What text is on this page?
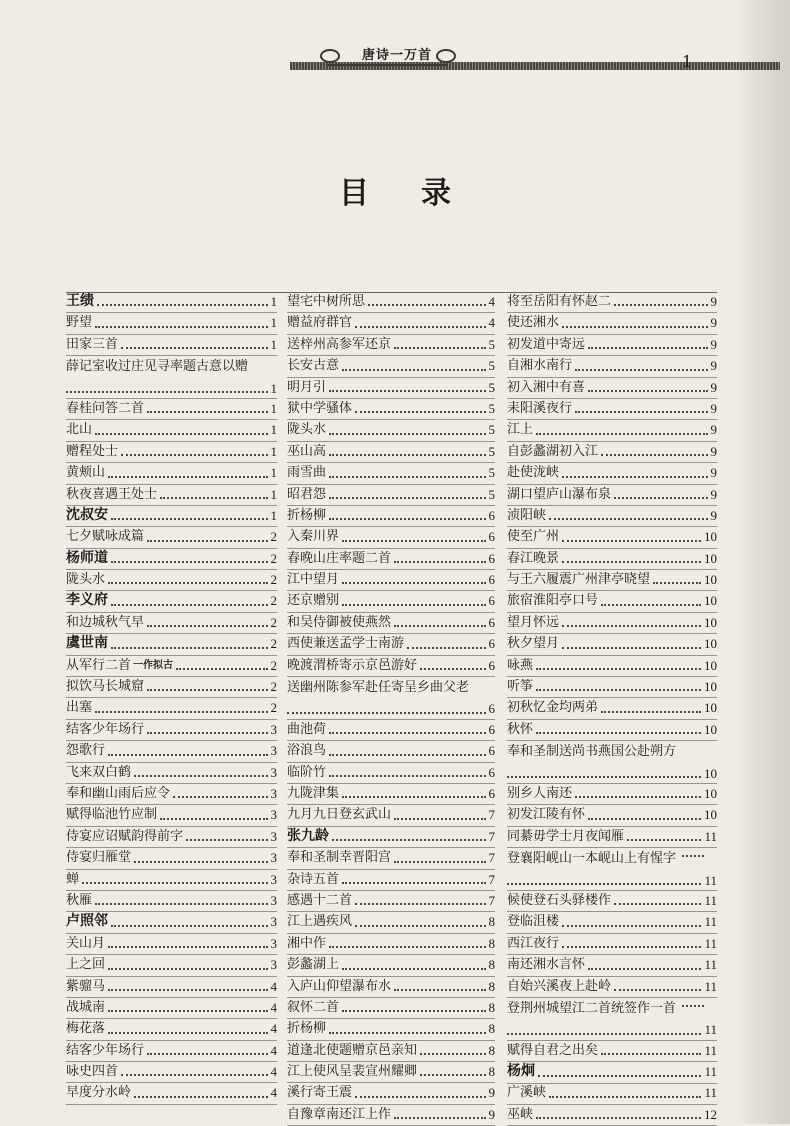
唐诗一万首	1
目录
王绩	1
野望	1
田家三首	1
薛记室收过庄见寻率题古意以赠
1
春桂问答二首	1
北山	1
赠程处士	1
黄颊山	1
秋夜喜遇王处士	1
沈叔安	1
七夕赋咏成篇	2
杨师道	2
陇头水	2
李义府	2
和边城秋气早	2
虞世南	2
从军行二首 一作拟古	2
拟饮马长城窟	2
出塞	2
结客少年场行	3
怨歌行	3
飞来双白鹤	3
奉和幽山雨后应令	3
赋得临池竹应制	3
侍宴应诏赋韵得前字	3
侍宴归雁堂	3
蝉	3
秋雁	3
卢照邻	3
关山月	3
上之回	3
紫骝马	4
战城南	4
梅花落	4
结客少年场行	4
咏史四首	4
早度分水岭	4
望宅中树所思	4
赠益府群官	4
送梓州高参军还京	5
长安古意	5
明月引	5
狱中学骚体	5
陇头水	5
巫山高	5
雨雪曲	5
昭君怨	5
折杨柳	6
入秦川界	6
春晚山庄率题二首	6
江中望月	6
还京赠别	6
和吴侍御被使燕然	6
西使兼送孟学士南游	6
晚渡渭桥寄示京邑游好	6
送幽州陈参军赴任寄呈乡曲父老
6
曲池荷	6
浴浪鸟	6
临阶竹	6
九陇津集	6
九月九日登玄武山	7
张九龄	7
奉和圣制幸晋阳宫	7
杂诗五首	7
感遇十二首	7
江上遇疾风	8
湘中作	8
彭蠡湖上	8
入庐山仰望瀑布水	8
叙怀二首	8
折杨柳	8
道逢北使题赠京邑亲知	8
江上使风呈裴宣州耀卿	8
溪行寄王震	9
自豫章南还江上作	9
将至岳阳有怀赵二	9
使还湘水	9
初发道中寄远	9
自湘水南行	9
初入湘中有喜	9
耒阳溪夜行	9
江上	9
自彭蠡湖初入江	9
赴使泷峡	9
湖口望庐山瀑布泉	9
浈阳峡	9
使至广州	10
春江晚景	10
与王六履震广州津亭晓望	10
旅宿淮阳亭口号	10
望月怀远	10
秋夕望月	10
咏燕	10
听筝	10
初秋忆金均两弟	10
秋怀	10
奉和圣制送尚书燕国公赴朔方
10
别乡人南还	10
初发江陵有怀	10
同綦毋学士月夜闻雁	11
登襄阳岘山一本岘山上有惺字
11
候使登石头驿楼作	11
登临沮楼	11
西江夜行	11
南还湘水言怀	11
自始兴溪夜上赴岭	11
登荆州城望江二首统签作一首
11
赋得自君之出矣	11
杨炯	11
广溪峡	11
巫峡	12
